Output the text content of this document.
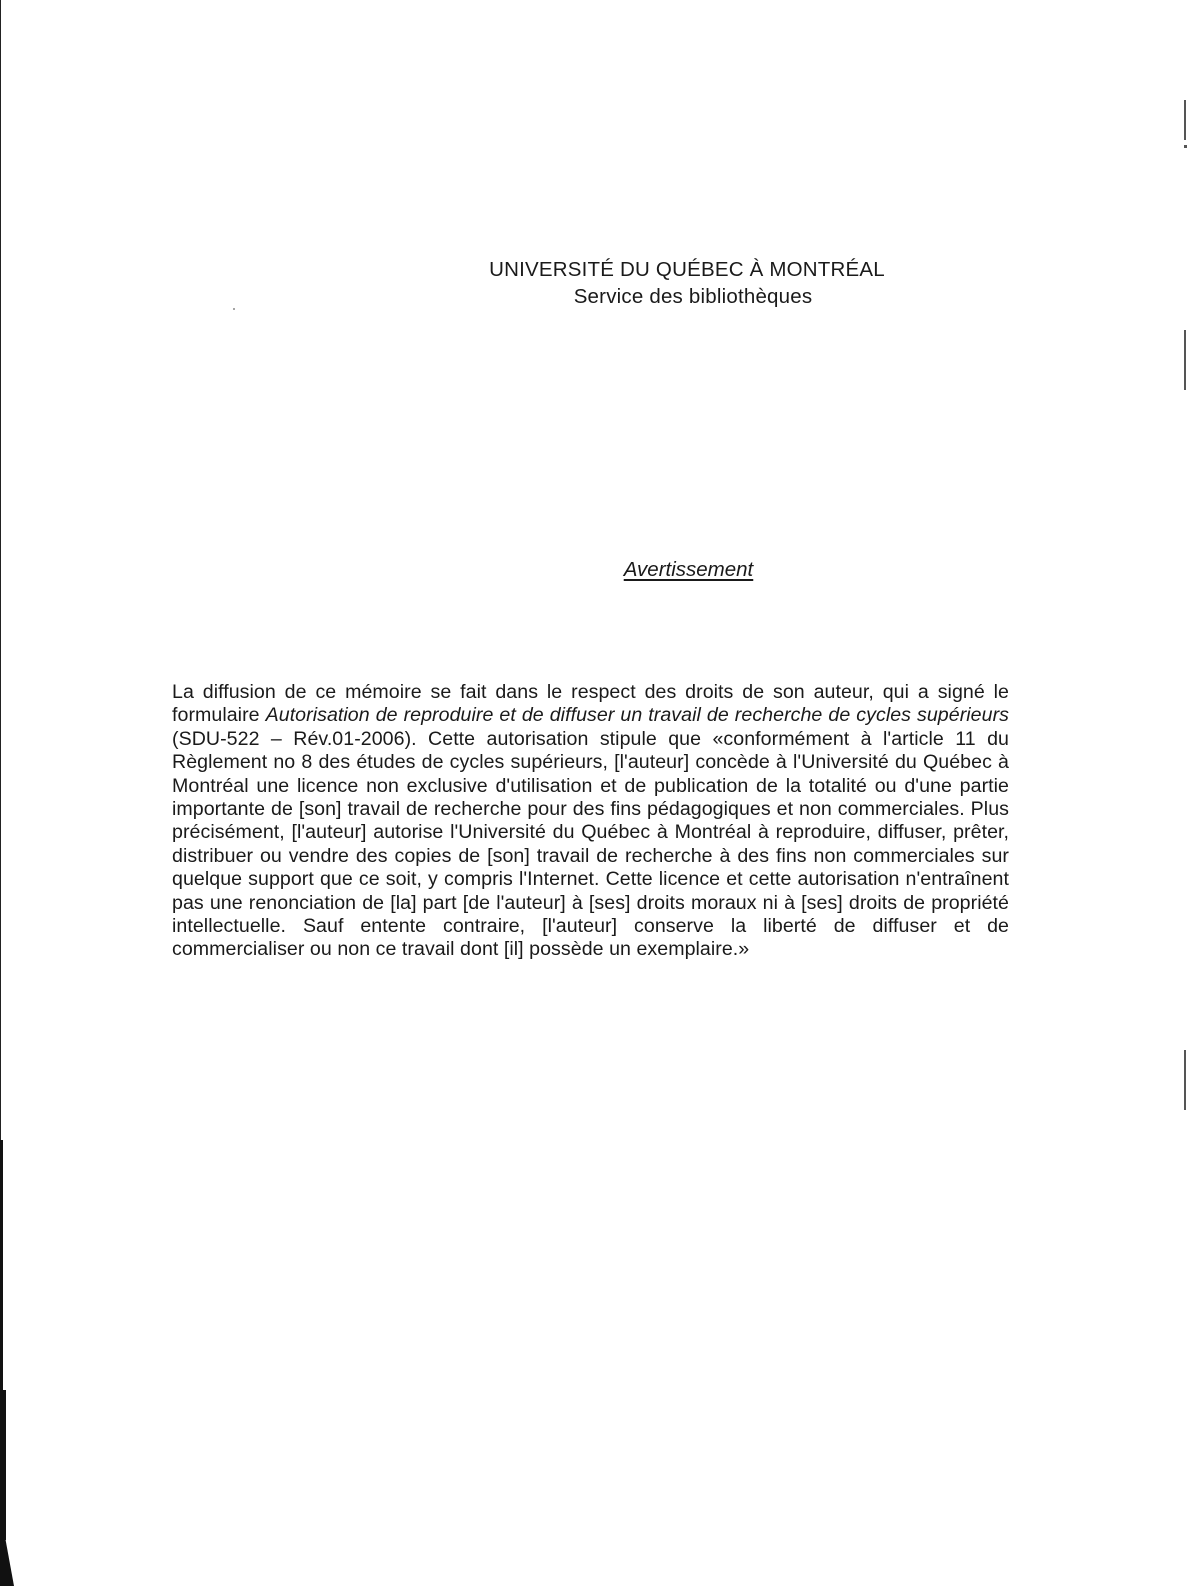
UNIVERSITÉ DU QUÉBEC À MONTRÉAL
Service des bibliothèques
Avertissement
La diffusion de ce mémoire se fait dans le respect des droits de son auteur, qui a signé le formulaire Autorisation de reproduire et de diffuser un travail de recherche de cycles supérieurs (SDU-522 – Rév.01-2006). Cette autorisation stipule que «conformément à l'article 11 du Règlement no 8 des études de cycles supérieurs, [l'auteur] concède à l'Université du Québec à Montréal une licence non exclusive d'utilisation et de publication de la totalité ou d'une partie importante de [son] travail de recherche pour des fins pédagogiques et non commerciales. Plus précisément, [l'auteur] autorise l'Université du Québec à Montréal à reproduire, diffuser, prêter, distribuer ou vendre des copies de [son] travail de recherche à des fins non commerciales sur quelque support que ce soit, y compris l'Internet. Cette licence et cette autorisation n'entraînent pas une renonciation de [la] part [de l'auteur] à [ses] droits moraux ni à [ses] droits de propriété intellectuelle. Sauf entente contraire, [l'auteur] conserve la liberté de diffuser et de commercialiser ou non ce travail dont [il] possède un exemplaire.»
